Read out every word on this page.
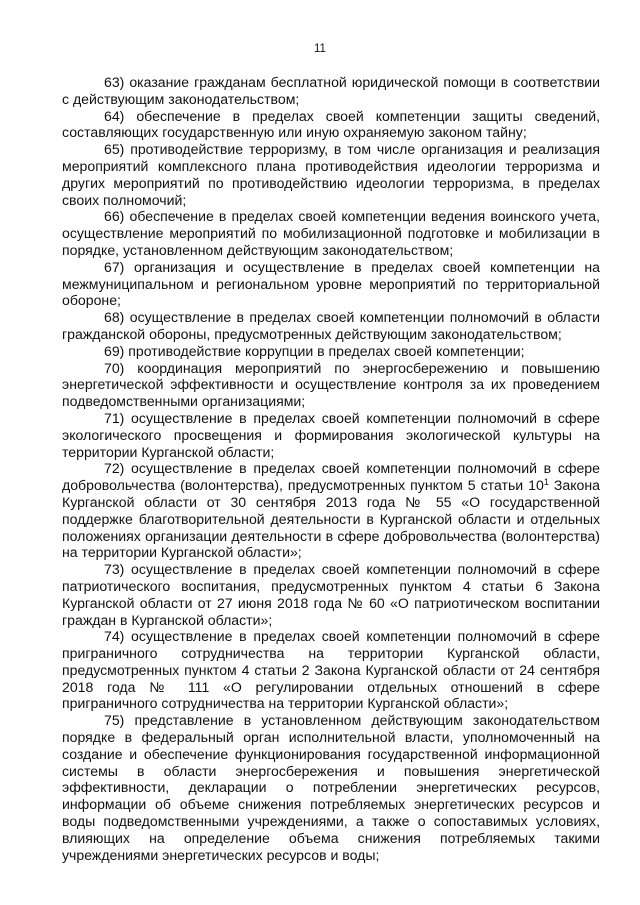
11

63) оказание гражданам бесплатной юридической помощи в соответствии с действующим законодательством;

64) обеспечение в пределах своей компетенции защиты сведений, составляющих государственную или иную охраняемую законом тайну;

65) противодействие терроризму, в том числе организация и реализация мероприятий комплексного плана противодействия идеологии терроризма и других мероприятий по противодействию идеологии терроризма, в пределах своих полномочий;

66) обеспечение в пределах своей компетенции ведения воинского учета, осуществление мероприятий по мобилизационной подготовке и мобилизации в порядке, установленном действующим законодательством;

67) организация и осуществление в пределах своей компетенции на межмуниципальном и региональном уровне мероприятий по территориальной обороне;

68) осуществление в пределах своей компетенции полномочий в области гражданской обороны, предусмотренных действующим законодательством;

69) противодействие коррупции в пределах своей компетенции;

70) координация мероприятий по энергосбережению и повышению энергетической эффективности и осуществление контроля за их проведением подведомственными организациями;

71) осуществление в пределах своей компетенции полномочий в сфере экологического просвещения и формирования экологической культуры на территории Курганской области;

72) осуществление в пределах своей компетенции полномочий в сфере добровольчества (волонтерства), предусмотренных пунктом 5 статьи $10^1$ Закона Курганской области от 30 сентября 2013 года № 55 «О государственной поддержке благотворительной деятельности в Курганской области и отдельных положениях организации деятельности в сфере добровольчества (волонтерства) на территории Курганской области»;

73) осуществление в пределах своей компетенции полномочий в сфере патриотического воспитания, предусмотренных пунктом 4 статьи 6 Закона Курганской области от 27 июня 2018 года № 60 «О патриотическом воспитании граждан в Курганской области»;

74) осуществление в пределах своей компетенции полномочий в сфере приграничного сотрудничества на территории Курганской области, предусмотренных пунктом 4 статьи 2 Закона Курганской области от 24 сентября 2018 года № 111 «О регулировании отдельных отношений в сфере приграничного сотрудничества на территории Курганской области»;

75) представление в установленном действующим законодательством порядке в федеральный орган исполнительной власти, уполномоченный на создание и обеспечение функционирования государственной информационной системы в области энергосбережения и повышения энергетической эффективности, декларации о потреблении энергетических ресурсов, информации об объеме снижения потребляемых энергетических ресурсов и воды подведомственными учреждениями, а также о сопоставимых условиях, влияющих на определение объема снижения потребляемых такими учреждениями энергетических ресурсов и воды;
